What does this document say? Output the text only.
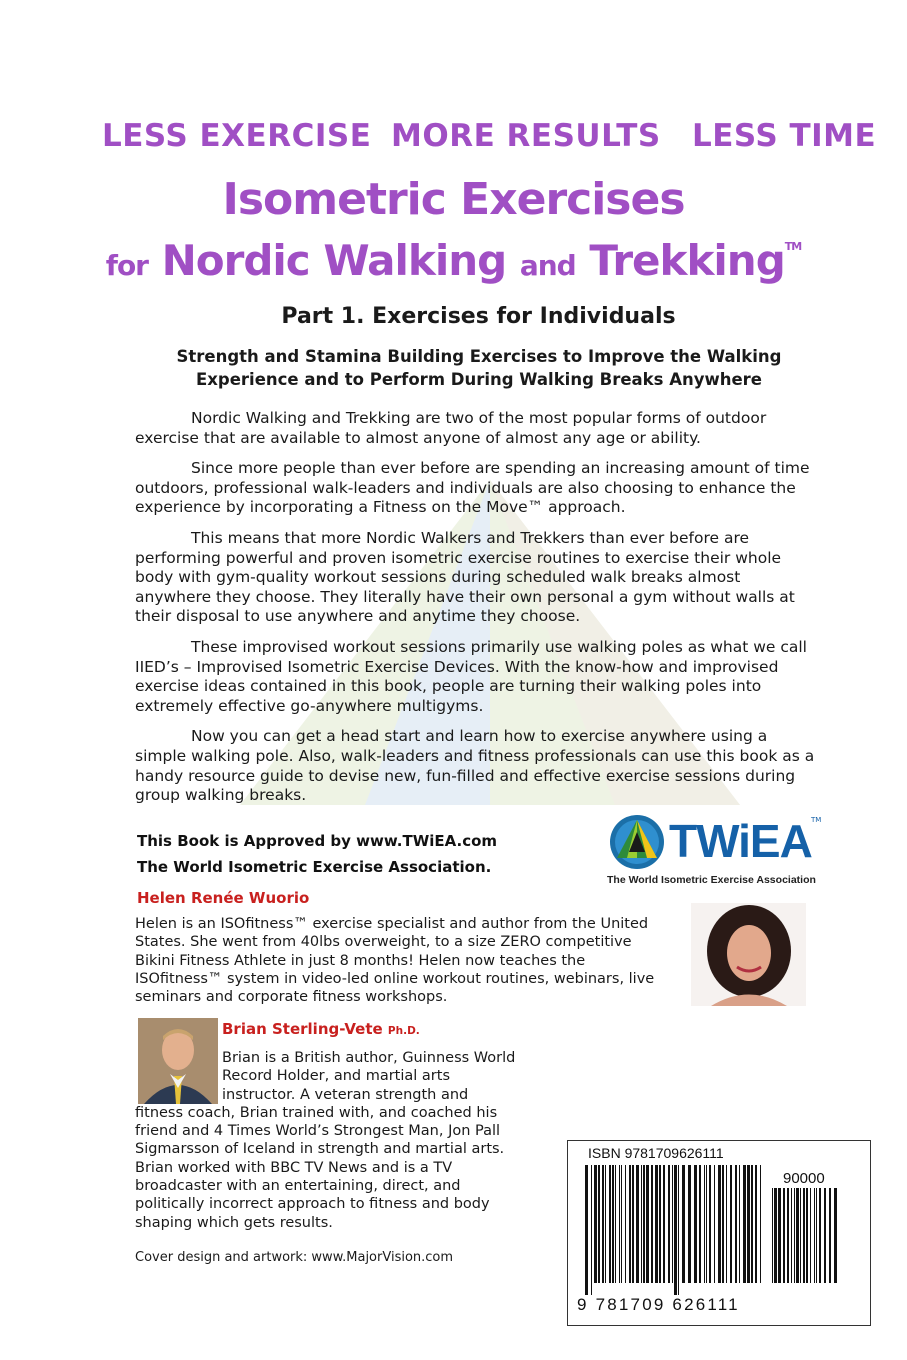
LESS EXERCISE MORE RESULTS LESS TIME
Isometric Exercises
for Nordic Walking and Trekking™
Part 1. Exercises for Individuals
Strength and Stamina Building Exercises to Improve the Walking
Experience and to Perform During Walking Breaks Anywhere

Nordic Walking and Trekking are two of the most popular forms of outdoor exercise that are available to almost anyone of almost any age or ability.

Since more people than ever before are spending an increasing amount of time outdoors, professional walk-leaders and individuals are also choosing to enhance the experience by incorporating a Fitness on the Move™ approach.

This means that more Nordic Walkers and Trekkers than ever before are performing powerful and proven isometric exercise routines to exercise their whole body with gym-quality workout sessions during scheduled walk breaks almost anywhere they choose. They literally have their own personal a gym without walls at their disposal to use anywhere and anytime they choose.

These improvised workout sessions primarily use walking poles as what we call IIED’s – Improvised Isometric Exercise Devices. With the know-how and improvised exercise ideas contained in this book, people are turning their walking poles into extremely effective go-anywhere multigyms.

Now you can get a head start and learn how to exercise anywhere using a simple walking pole. Also, walk-leaders and fitness professionals can use this book as a handy resource guide to devise new, fun-filled and effective exercise sessions during group walking breaks.

This Book is Approved by www.TWiEA.com
The World Isometric Exercise Association.	TWiEA TM
The World Isometric Exercise Association
Helen Renée Wuorio
Helen is an ISOfitness™ exercise specialist and author from the United States. She went from 40lbs overweight, to a size ZERO competitive Bikini Fitness Athlete in just 8 months! Helen now teaches the ISOfitness™ system in video-led online workout routines, webinars, live seminars and corporate fitness workshops.
Brian Sterling-Vete Ph.D.
Brian is a British author, Guinness World
Record Holder, and martial arts
instructor. A veteran strength and
fitness coach, Brian trained with, and coached his
friend and 4 Times World’s Strongest Man, Jon Pall
Sigmarsson of Iceland in strength and martial arts.
Brian worked with BBC TV News and is a TV
broadcaster with an entertaining, direct, and
politically incorrect approach to fitness and body
shaping which gets results.
Cover design and artwork: www.MajorVision.com
ISBN 9781709626111
90000
9 781709 626111
